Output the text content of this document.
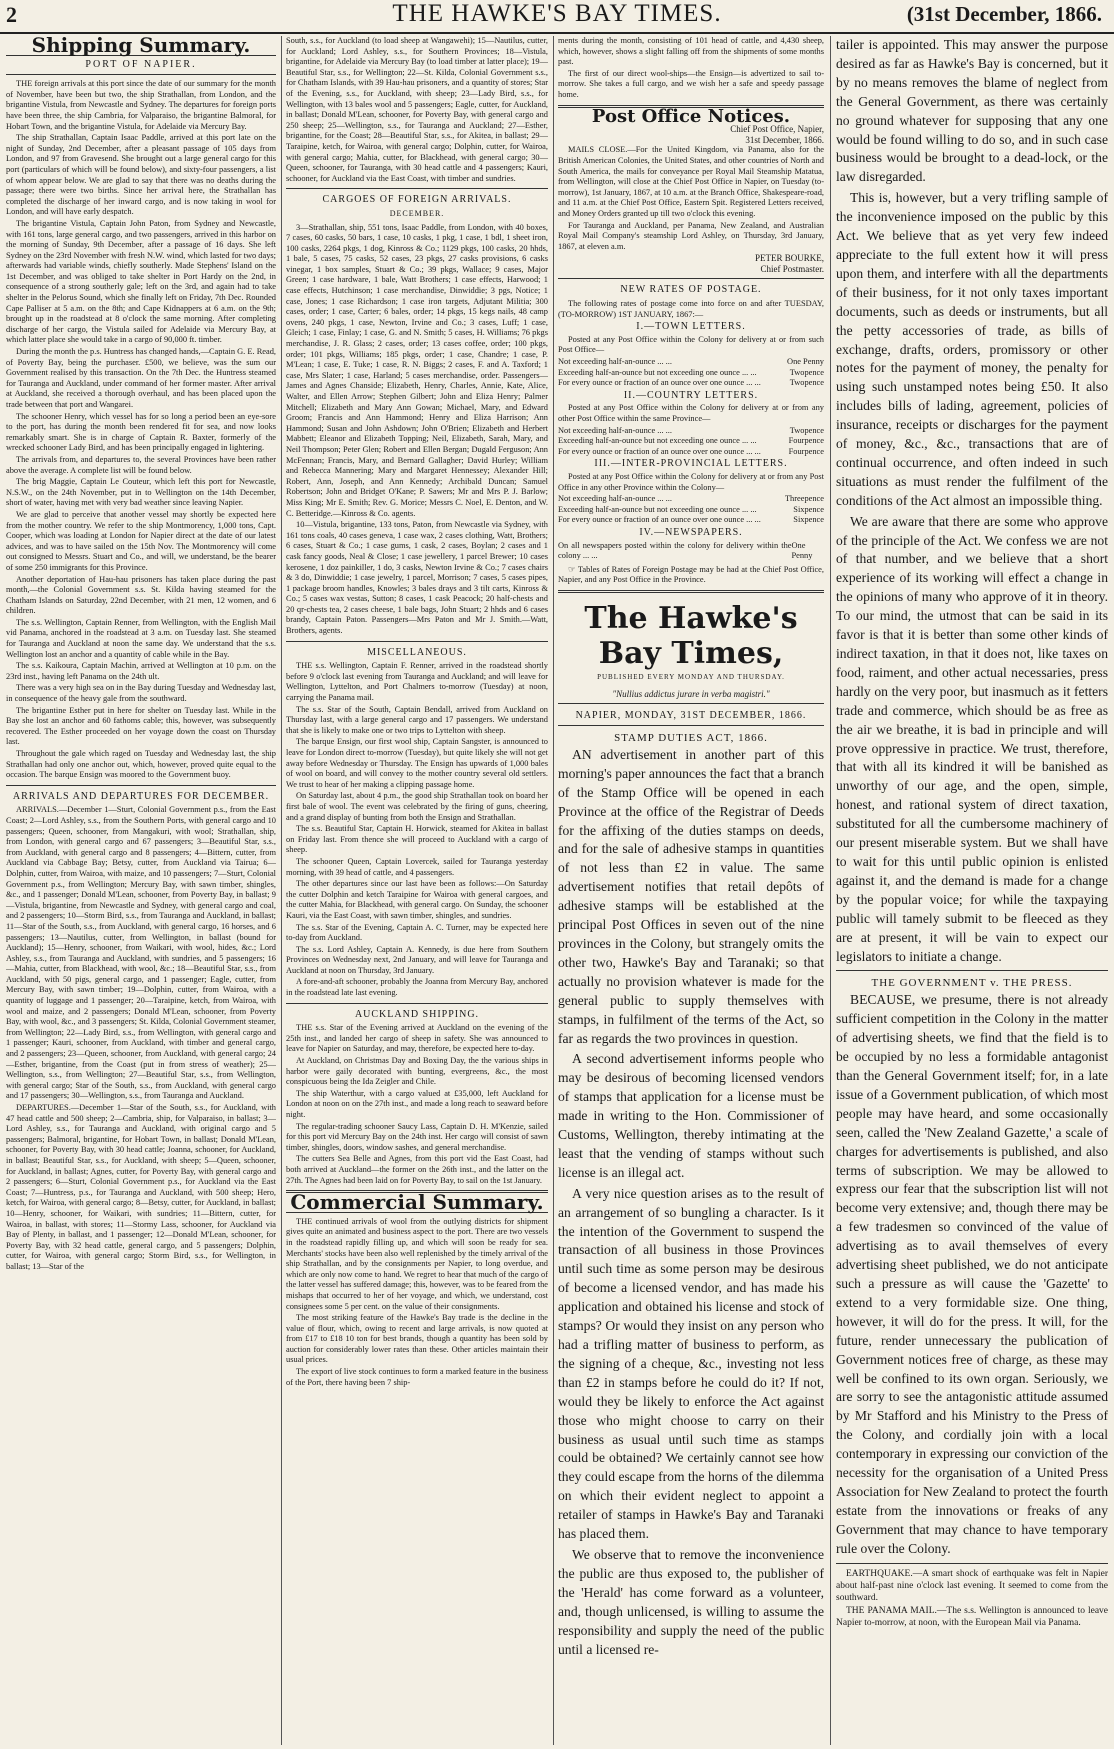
2	THE HAWKE'S BAY TIMES.	(31st December, 1866.
Shipping Summary.
PORT OF NAPIER.

THE foreign arrivals at this port since the date of our summary for the month of November, have been but two, the ship Strathallan, from London, and the brigantine Vistula, from Newcastle and Sydney. The departures for foreign ports have been three, the ship Cambria, for Valparaiso, the brigantine Balmoral, for Hobart Town, and the brigantine Vistula, for Adelaide via Mercury Bay.

The ship Strathallan, Captain Isaac Paddle, arrived at this port late on the night of Sunday, 2nd December, after a pleasant passage of 105 days from London, and 97 from Gravesend. She brought out a large general cargo for this port (particulars of which will be found below), and sixty-four passengers, a list of whom appear below. We are glad to say that there was no deaths during the passage; there were two births. Since her arrival here, the Strathallan has completed the discharge of her inward cargo, and is now taking in wool for London, and will have early despatch.

The brigantine Vistula, Captain John Paton, from Sydney and Newcastle, with 161 tons, large general cargo, and two passengers, arrived in this harbor on the morning of Sunday, 9th December, after a passage of 16 days. She left Sydney on the 23rd November with fresh N.W. wind, which lasted for two days; afterwards had variable winds, chiefly southerly. Made Stephens' Island on the 1st December, and was obliged to take shelter in Port Hardy on the 2nd, in consequence of a strong southerly gale; left on the 3rd, and again had to take shelter in the Pelorus Sound, which she finally left on Friday, 7th Dec. Rounded Cape Palliser at 5 a.m. on the 8th; and Cape Kidnappers at 6 a.m. on the 9th; brought up in the roadstead at 8 o'clock the same morning. After completing discharge of her cargo, the Vistula sailed for Adelaide via Mercury Bay, at which latter place she would take in a cargo of 90,000 ft. timber.

During the month the p.s. Huntress has changed hands,—Captain G. E. Read, of Poverty Bay, being the purchaser. £500, we believe, was the sum our Government realised by this transaction. On the 7th Dec. the Huntress steamed for Tauranga and Auckland, under command of her former master. After arrival at Auckland, she received a thorough overhaul, and has been placed upon the trade between that port and Wangarei.

The schooner Henry, which vessel has for so long a period been an eye-sore to the port, has during the month been rendered fit for sea, and now looks remarkably smart. She is in charge of Captain R. Baxter, formerly of the wrecked schooner Lady Bird, and has been principally engaged in lightering.

The arrivals from, and departures to, the several Provinces have been rather above the average. A complete list will be found below.

The brig Maggie, Captain Le Couteur, which left this port for Newcastle, N.S.W., on the 24th November, put in to Wellington on the 14th December, short of water, having met with very bad weather since leaving Napier.

We are glad to perceive that another vessel may shortly be expected here from the mother country. We refer to the ship Montmorency, 1,000 tons, Capt. Cooper, which was loading at London for Napier direct at the date of our latest advices, and was to have sailed on the 15th Nov. The Montmorency will come out consigned to Messrs. Stuart and Co., and will, we understand, be the bearer of some 250 immigrants for this Province.

Another deportation of Hau-hau prisoners has taken place during the past month,—the Colonial Government s.s. St. Kilda having steamed for the Chatham Islands on Saturday, 22nd December, with 21 men, 12 women, and 6 children.

The s.s. Wellington, Captain Renner, from Wellington, with the English Mail vid Panama, anchored in the roadstead at 3 a.m. on Tuesday last. She steamed for Tauranga and Auckland at noon the same day. We understand that the s.s. Wellington lost an anchor and a quantity of cable while in the Bay.

The s.s. Kaikoura, Captain Machin, arrived at Wellington at 10 p.m. on the 23rd inst., having left Panama on the 24th ult.

There was a very high sea on in the Bay during Tuesday and Wednesday last, in consequence of the heavy gale from the southward.

The brigantine Esther put in here for shelter on Tuesday last. While in the Bay she lost an anchor and 60 fathoms cable; this, however, was subsequently recovered. The Esther proceeded on her voyage down the coast on Thursday last.

Throughout the gale which raged on Tuesday and Wednesday last, the ship Strathallan had only one anchor out, which, however, proved quite equal to the occasion. The barque Ensign was moored to the Government buoy.

ARRIVALS AND DEPARTURES FOR DECEMBER.

ARRIVALS.—December 1—Sturt, Colonial Government p.s., from the East Coast; 2—Lord Ashley, s.s., from the Southern Ports, with general cargo and 10 passengers; Queen, schooner, from Mangakuri, with wool; Strathallan, ship, from London, with general cargo and 67 passengers; 3—Beautiful Star, s.s., from Auckland, with general cargo and 8 passengers; 4—Bittern, cutter, from Auckland via Cabbage Bay; Betsy, cutter, from Auckland via Tairua; 6—Dolphin, cutter, from Wairoa, with maize, and 10 passengers; 7—Sturt, Colonial Government p.s., from Wellington; Mercury Bay, with sawn timber, shingles, &c., and 1 passenger; Donald M'Lean, schooner, from Poverty Bay, in ballast; 9—Vistula, brigantine, from Newcastle and Sydney, with general cargo and coal, and 2 passengers; 10—Storm Bird, s.s., from Tauranga and Auckland, in ballast; 11—Star of the South, s.s., from Auckland, with general cargo, 16 horses, and 6 passengers; 13—Nautilus, cutter, from Wellington, in ballast (bound for Auckland); 15—Henry, schooner, from Waikari, with wool, hides, &c.; Lord Ashley, s.s., from Tauranga and Auckland, with sundries, and 5 passengers; 16—Mahia, cutter, from Blackhead, with wool, &c.; 18—Beautiful Star, s.s., from Auckland, with 50 pigs, general cargo, and 1 passenger; Eagle, cutter, from Mercury Bay, with sawn timber; 19—Dolphin, cutter, from Wairoa, with a quantity of luggage and 1 passenger; 20—Taraipine, ketch, from Wairoa, with wool and maize, and 2 passengers; Donald M'Lean, schooner, from Poverty Bay, with wool, &c., and 3 passengers; St. Kilda, Colonial Government steamer, from Wellington; 22—Lady Bird, s.s., from Wellington, with general cargo and 1 passenger; Kauri, schooner, from Auckland, with timber and general cargo, and 2 passengers; 23—Queen, schooner, from Auckland, with general cargo; 24—Esther, brigantine, from the Coast (put in from stress of weather); 25—Wellington, s.s., from Wellington; 27—Beautiful Star, s.s., from Wellington, with general cargo; Star of the South, s.s., from Auckland, with general cargo and 17 passengers; 30—Wellington, s.s., from Tauranga and Auckland.

DEPARTURES.—December 1—Star of the South, s.s., for Auckland, with 47 head cattle and 500 sheep; 2—Cambria, ship, for Valparaiso, in ballast; 3—Lord Ashley, s.s., for Tauranga and Auckland, with original cargo and 5 passengers; Balmoral, brigantine, for Hobart Town, in ballast; Donald M'Lean, schooner, for Poverty Bay, with 30 head cattle; Joanna, schooner, for Auckland, in ballast; Beautiful Star, s.s., for Auckland, with sheep; 5—Queen, schooner, for Auckland, in ballast; Agnes, cutter, for Poverty Bay, with general cargo and 2 passengers; 6—Sturt, Colonial Government p.s., for Auckland via the East Coast; 7—Huntress, p.s., for Tauranga and Auckland, with 500 sheep; Hero, ketch, for Wairoa, with general cargo; 8—Betsy, cutter, for Auckland, in ballast; 10—Henry, schooner, for Waikari, with sundries; 11—Bittern, cutter, for Wairoa, in ballast, with stores; 11—Stormy Lass, schooner, for Auckland via Bay of Plenty, in ballast, and 1 passenger; 12—Donald M'Lean, schooner, for Poverty Bay, with 32 head cattle, general cargo, and 5 passengers; Dolphin, cutter, for Wairoa, with general cargo; Storm Bird, s.s., for Wellington, in ballast; 13—Star of the

South, s.s., for Auckland (to load sheep at Wangawehi); 15—Nautilus, cutter, for Auckland; Lord Ashley, s.s., for Southern Provinces; 18—Vistula, brigantine, for Adelaide via Mercury Bay (to load timber at latter place); 19—Beautiful Star, s.s., for Wellington; 22—St. Kilda, Colonial Government s.s., for Chatham Islands, with 39 Hau-hau prisoners, and a quantity of stores; Star of the Evening, s.s., for Auckland, with sheep; 23—Lady Bird, s.s., for Wellington, with 13 bales wool and 5 passengers; Eagle, cutter, for Auckland, in ballast; Donald M'Lean, schooner, for Poverty Bay, with general cargo and 250 sheep; 25—Wellington, s.s., for Tauranga and Auckland; 27—Esther, brigantine, for the Coast; 28—Beautiful Star, s.s., for Akitea, in ballast; 29—Taraipine, ketch, for Wairoa, with general cargo; Dolphin, cutter, for Wairoa, with general cargo; Mahia, cutter, for Blackhead, with general cargo; 30—Queen, schooner, for Tauranga, with 30 head cattle and 4 passengers; Kauri, schooner, for Auckland via the East Coast, with timber and sundries.

CARGOES OF FOREIGN ARRIVALS.
DECEMBER.

3—Strathallan, ship, 551 tons, Isaac Paddle, from London, with 40 boxes, 7 cases, 60 casks, 50 bars, 1 case, 10 casks, 1 pkg, 1 case, 1 bdl, 1 sheet iron, 100 casks, 2264 pkgs, 1 dog, Kinross & Co.; 1129 pkgs, 100 casks, 20 hhds, 1 bale, 5 cases, 75 casks, 52 cases, 23 pkgs, 27 casks provisions, 6 casks vinegar, 1 box samples, Stuart & Co.; 39 pkgs, Wallace; 9 cases, Major Green; 1 case hardware, 1 bale, Watt Brothers; 1 case effects, Harwood; 1 case effects, Hutchinson; 1 case merchandise, Dinwiddie; 3 pgs, Notice; 1 case, Jones; 1 case Richardson; 1 case iron targets, Adjutant Militia; 300 cases, order; 1 case, Carter; 6 bales, order; 14 pkgs, 15 kegs nails, 48 camp ovens, 240 pkgs, 1 case, Newton, Irvine and Co.; 3 cases, Luff; 1 case, Gleich; 1 case, Finlay; 1 case, G. and N. Smith; 5 cases, H. Williams; 76 pkgs merchandise, J. R. Glass; 2 cases, order; 13 cases coffee, order; 100 pkgs, order; 101 pkgs, Williams; 185 pkgs, order; 1 case, Chandre; 1 case, P. M'Lean; 1 case, E. Tuke; 1 case, R. N. Biggs; 2 cases, F. and A. Taxford; 1 case, Mrs Slater; 1 case, Harland; 5 cases merchandise, order. Passengers—James and Agnes Chanside; Elizabeth, Henry, Charles, Annie, Kate, Alice, Walter, and Ellen Arrow; Stephen Gilbert; John and Eliza Henry; Palmer Mitchell; Elizabeth and Mary Ann Gowan; Michael, Mary, and Edward Groom; Francis and Ann Hammond; Henry and Eliza Harrison; Ann Hammond; Susan and John Ashdown; John O'Brien; Elizabeth and Herbert Mabbett; Eleanor and Elizabeth Topping; Neil, Elizabeth, Sarah, Mary, and Neil Thompson; Peter Glen; Robert and Ellen Bergan; Dugald Ferguson; Ann McFennan; Francis, Mary, and Bernard Gallagher; David Hurley; William and Rebecca Mannering; Mary and Margaret Hennessey; Alexander Hill; Robert, Ann, Joseph, and Ann Kennedy; Archibald Duncan; Samuel Robertson; John and Bridget O'Kane; P. Sawers; Mr and Mrs P. J. Barlow; Miss King; Mr E. Smith; Rev. G. Morice; Messrs C. Noel, E. Denton, and W. C. Betteridge.—Kinross & Co. agents.

10—Vistula, brigantine, 133 tons, Paton, from Newcastle via Sydney, with 161 tons coals, 40 cases geneva, 1 case wax, 2 cases clothing, Watt, Brothers; 6 cases, Stuart & Co.; 1 case gums, 1 cask, 2 cases, Boylan; 2 cases and 1 cask fancy goods, Neal & Close; 1 case jewellery, 1 parcel Brewer; 10 cases kerosene, 1 doz painkiller, 1 do, 3 casks, Newton Irvine & Co.; 7 cases chairs & 3 do, Dinwiddie; 1 case jewelry, 1 parcel, Morrison; 7 cases, 5 cases pipes, 1 package broom handles, Knowles; 3 bales drays and 3 tilt carts, Kinross & Co.; 5 cases wax vestas, Sutton; 8 cases, 1 cask Peacock; 20 half-chests and 20 qr-chests tea, 2 cases cheese, 1 bale bags, John Stuart; 2 hhds and 6 cases brandy, Captain Paton. Passengers—Mrs Paton and Mr J. Smith.—Watt, Brothers, agents.

MISCELLANEOUS.

THE s.s. Wellington, Captain F. Renner, arrived in the roadstead shortly before 9 o'clock last evening from Tauranga and Auckland; and will leave for Wellington, Lyttelton, and Port Chalmers to-morrow (Tuesday) at noon, carrying the Panama mail.

The s.s. Star of the South, Captain Bendall, arrived from Auckland on Thursday last, with a large general cargo and 17 passengers. We understand that she is likely to make one or two trips to Lyttelton with sheep.

The barque Ensign, our first wool ship, Captain Sangster, is announced to leave for London direct to-morrow (Tuesday), but quite likely she will not get away before Wednesday or Thursday. The Ensign has upwards of 1,000 bales of wool on board, and will convey to the mother country several old settlers. We trust to hear of her making a clipping passage home.

On Saturday last, about 4 p.m., the good ship Strathallan took on board her first bale of wool. The event was celebrated by the firing of guns, cheering, and a grand display of bunting from both the Ensign and Strathallan.

The s.s. Beautiful Star, Captain H. Horwick, steamed for Akitea in ballast on Friday last. From thence she will proceed to Auckland with a cargo of sheep.

The schooner Queen, Captain Lovercek, sailed for Tauranga yesterday morning, with 39 head of cattle, and 4 passengers.

The other departures since our last have been as follows:—On Saturday the cutter Dolphin and ketch Taraipine for Wairoa with general cargoes, and the cutter Mahia, for Blackhead, with general cargo. On Sunday, the schooner Kauri, via the East Coast, with sawn timber, shingles, and sundries.

The s.s. Star of the Evening, Captain A. C. Turner, may be expected here to-day from Auckland.

The s.s. Lord Ashley, Captain A. Kennedy, is due here from Southern Provinces on Wednesday next, 2nd January, and will leave for Tauranga and Auckland at noon on Thursday, 3rd January.

A fore-and-aft schooner, probably the Joanna from Mercury Bay, anchored in the roadstead late last evening.

AUCKLAND SHIPPING.

THE s.s. Star of the Evening arrived at Auckland on the evening of the 25th inst., and landed her cargo of sheep in safety. She was announced to leave for Napier on Saturday, and may, therefore, be expected here to-day.

At Auckland, on Christmas Day and Boxing Day, the the various ships in harbor were gaily decorated with bunting, evergreens, &c., the most conspicuous being the Ida Zeigler and Chile.

The ship Waterthur, with a cargo valued at £35,000, left Auckland for London at noon on on the 27th inst., and made a long reach to seaward before night.

The regular-trading schooner Saucy Lass, Captain D. H. M'Kenzie, sailed for this port vid Mercury Bay on the 24th inst. Her cargo will consist of sawn timber, shingles, doors, window sashes, and general merchandise.

The cutters Sea Belle and Agnes, from this port vid the East Coast, had both arrived at Auckland—the former on the 26th inst., and the latter on the 27th. The Agnes had been laid on for Poverty Bay, to sail on the 1st January.

Commercial Summary.

THE continued arrivals of wool from the outlying districts for shipment gives quite an animated and business aspect to the port. There are two vessels in the roadstead rapidly filling up, and which will soon be ready for sea. Merchants' stocks have been also well replenished by the timely arrival of the ship Strathallan, and by the consignments per Napier, to long overdue, and which are only now come to hand. We regret to hear that much of the cargo of the latter vessel has suffered damage; this, however, was to be feared from the mishaps that occurred to her of her voyage, and which, we understand, cost consignees some 5 per cent. on the value of their consignments.

The most striking feature of the Hawke's Bay trade is the decline in the value of flour, which, owing to recent and large arrivals, is now quoted at from £17 to £18 10 ton for best brands, though a quantity has been sold by auction for considerably lower rates than these. Other articles maintain their usual prices.

The export of live stock continues to form a marked feature in the business of the Port, there having been 7 ship-

ments during the month, consisting of 101 head of cattle, and 4,430 sheep, which, however, shows a slight falling off from the shipments of some months past.

The first of our direct wool-ships—the Ensign—is advertized to sail to-morrow. She takes a full cargo, and we wish her a safe and speedy passage home.

Post Office Notices.
Chief Post Office, Napier,
31st December, 1866.

MAILS CLOSE.—For the United Kingdom, via Panama, also for the British American Colonies, the United States, and other countries of North and South America, the mails for conveyance per Royal Mail Steamship Matatua, from Wellington, will close at the Chief Post Office in Napier, on Tuesday (to-morrow), 1st January, 1867, at 10 a.m. at the Branch Office, Shakespeare-road, and 11 a.m. at the Chief Post Office, Eastern Spit. Registered Letters received, and Money Orders granted up till two o'clock this evening.

For Tauranga and Auckland, per Panama, New Zealand, and Australian Royal Mail Company's steamship Lord Ashley, on Thursday, 3rd January, 1867, at eleven a.m.

PETER BOURKE,
Chief Postmaster.
NEW RATES OF POSTAGE.

The following rates of postage come into force on and after TUESDAY, (TO-MORROW) 1ST JANUARY, 1867:—

I.—TOWN LETTERS.

Posted at any Post Office within the Colony for delivery at or from such Post Office—

Not exceeding half-an-ounce ... ...	One Penny
Exceeding half-an-ounce but not exceeding one ounce ... ...	Twopence
For every ounce or fraction of an ounce over one ounce ... ...	Twopence
II.—COUNTRY LETTERS.

Posted at any Post Office within the Colony for delivery at or from any other Post Office within the same Province—

Not exceeding half-an-ounce ... ...	Twopence
Exceeding half-an-ounce but not exceeding one ounce ... ...	Fourpence
For every ounce or fraction of an ounce over one ounce ... ...	Fourpence
III.—INTER-PROVINCIAL LETTERS.

Posted at any Post Office within the Colony for delivery at or from any Post Office in any other Province within the Colony—

Not exceeding half-an-ounce ... ...	Threepence
Exceeding half-an-ounce but not exceeding one ounce ... ...	Sixpence
For every ounce or fraction of an ounce over one ounce ... ...	Sixpence
IV.—NEWSPAPERS.
On all newspapers posted within the colony for delivery within the colony ... ...
One Penny

☞ Tables of Rates of Foreign Postage may be had at the Chief Post Office, Napier, and any Post Office in the Province.

The Hawke's Bay Times,
PUBLISHED EVERY MONDAY AND THURSDAY.
"Nullius addictus jurare in verba magistri."
NAPIER, MONDAY, 31ST DECEMBER, 1866.
STAMP DUTIES ACT, 1866.

AN advertisement in another part of this morning's paper announces the fact that a branch of the Stamp Office will be opened in each Province at the office of the Registrar of Deeds for the affixing of the duties stamps on deeds, and for the sale of adhesive stamps in quantities of not less than £2 in value. The same advertisement notifies that retail depôts of adhesive stamps will be established at the principal Post Offices in seven out of the nine provinces in the Colony, but strangely omits the other two, Hawke's Bay and Taranaki; so that actually no provision whatever is made for the general public to supply themselves with stamps, in fulfilment of the terms of the Act, so far as regards the two provinces in question.

A second advertisement informs people who may be desirous of becoming licensed vendors of stamps that application for a license must be made in writing to the Hon. Commissioner of Customs, Wellington, thereby intimating at the least that the vending of stamps without such license is an illegal act.

A very nice question arises as to the result of an arrangement of so bungling a character. Is it the intention of the Government to suspend the transaction of all business in those Provinces until such time as some person may be desirous of become a licensed vendor, and has made his application and obtained his license and stock of stamps? Or would they insist on any person who had a trifling matter of business to perform, as the signing of a cheque, &c., investing not less than £2 in stamps before he could do it? If not, would they be likely to enforce the Act against those who might choose to carry on their business as usual until such time as stamps could be obtained? We certainly cannot see how they could escape from the horns of the dilemma on which their evident neglect to appoint a retailer of stamps in Hawke's Bay and Taranaki has placed them.

We observe that to remove the inconvenience the public are thus exposed to, the publisher of the 'Herald' has come forward as a volunteer, and, though unlicensed, is willing to assume the responsibility and supply the need of the public until a licensed re-

tailer is appointed. This may answer the purpose desired as far as Hawke's Bay is concerned, but it by no means removes the blame of neglect from the General Government, as there was certainly no ground whatever for supposing that any one would be found willing to do so, and in such case business would be brought to a dead-lock, or the law disregarded.

This is, however, but a very trifling sample of the inconvenience imposed on the public by this Act. We believe that as yet very few indeed appreciate to the full extent how it will press upon them, and interfere with all the departments of their business, for it not only taxes important documents, such as deeds or instruments, but all the petty accessories of trade, as bills of exchange, drafts, orders, promissory or other notes for the payment of money, the penalty for using such unstamped notes being £50. It also includes bills of lading, agreement, policies of insurance, receipts or discharges for the payment of money, &c., &c., transactions that are of continual occurrence, and often indeed in such situations as must render the fulfilment of the conditions of the Act almost an impossible thing.

We are aware that there are some who approve of the principle of the Act. We confess we are not of that number, and we believe that a short experience of its working will effect a change in the opinions of many who approve of it in theory. To our mind, the utmost that can be said in its favor is that it is better than some other kinds of indirect taxation, in that it does not, like taxes on food, raiment, and other actual necessaries, press hardly on the very poor, but inasmuch as it fetters trade and commerce, which should be as free as the air we breathe, it is bad in principle and will prove oppressive in practice. We trust, therefore, that with all its kindred it will be banished as unworthy of our age, and the open, simple, honest, and rational system of direct taxation, substituted for all the cumbersome machinery of our present miserable system. But we shall have to wait for this until public opinion is enlisted against it, and the demand is made for a change by the popular voice; for while the taxpaying public will tamely submit to be fleeced as they are at present, it will be vain to expect our legislators to initiate a change.

THE GOVERNMENT v. THE PRESS.

BECAUSE, we presume, there is not already sufficient competition in the Colony in the matter of advertising sheets, we find that the field is to be occupied by no less a formidable antagonist than the General Government itself; for, in a late issue of a Government publication, of which most people may have heard, and some occasionally seen, called the 'New Zealand Gazette,' a scale of charges for advertisements is published, and also terms of subscription. We may be allowed to express our fear that the subscription list will not become very extensive; and, though there may be a few tradesmen so convinced of the value of advertising as to avail themselves of every advertising sheet published, we do not anticipate such a pressure as will cause the 'Gazette' to extend to a very formidable size. One thing, however, it will do for the press. It will, for the future, render unnecessary the publication of Government notices free of charge, as these may well be confined to its own organ. Seriously, we are sorry to see the antagonistic attitude assumed by Mr Stafford and his Ministry to the Press of the Colony, and cordially join with a local contemporary in expressing our conviction of the necessity for the organisation of a United Press Association for New Zealand to protect the fourth estate from the innovations or freaks of any Government that may chance to have temporary rule over the Colony.

EARTHQUAKE.—A smart shock of earthquake was felt in Napier about half-past nine o'clock last evening. It seemed to come from the southward.

THE PANAMA MAIL.—The s.s. Wellington is announced to leave Napier to-morrow, at noon, with the European Mail via Panama.
